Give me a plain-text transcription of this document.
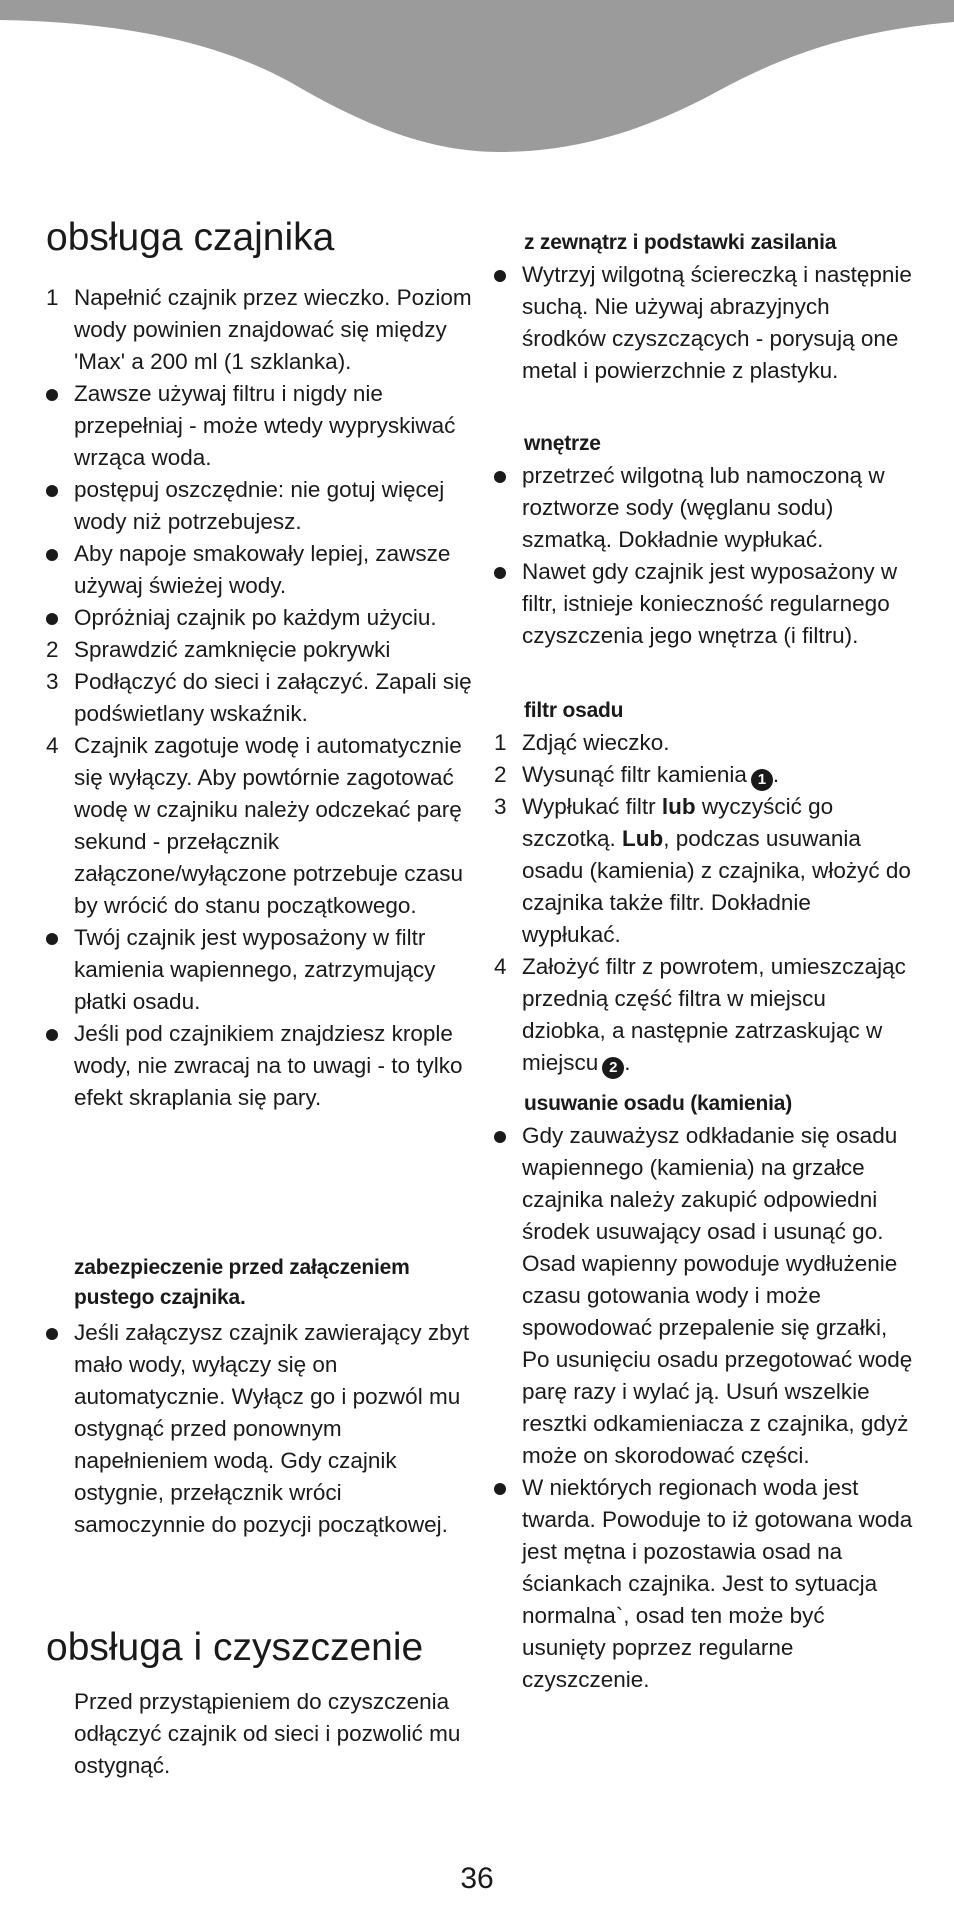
obsługa czajnika
1 Napełnić czajnik przez wieczko. Poziom wody powinien znajdować się między 'Max' a 200 ml (1 szklanka).
Zawsze używaj filtru i nigdy nie przepełniaj - może wtedy wypryskiwać wrząca woda.
postępuj oszczędnie: nie gotuj więcej wody niż potrzebujesz.
Aby napoje smakowały lepiej, zawsze używaj świeżej wody.
Opróżniaj czajnik po każdym użyciu.
2 Sprawdzić zamknięcie pokrywki
3 Podłączyć do sieci i załączyć. Zapali się podświetlany wskaźnik.
4 Czajnik zagotuje wodę i automatycznie się wyłączy. Aby powtórnie zagotować wodę w czajniku należy odczekać parę sekund - przełącznik załączone/wyłączone potrzebuje czasu by wrócić do stanu początkowego.
Twój czajnik jest wyposażony w filtr kamienia wapiennego, zatrzymujący płatki osadu.
Jeśli pod czajnikiem znajdziesz krople wody, nie zwracaj na to uwagi - to tylko efekt skraplania się pary.

zabezpieczenie przed załączeniem pustego czajnika.

Jeśli załączysz czajnik zawierający zbyt mało wody, wyłączy się on automatycznie. Wyłącz go i pozwól mu ostygnąć przed ponownym napełnieniem wodą. Gdy czajnik ostygnie, przełącznik wróci samoczynnie do pozycji początkowej.
obsługa i czyszczenie

Przed przystąpieniem do czyszczenia odłączyć czajnik od sieci i pozwolić mu ostygnąć.

z zewnątrz i podstawki zasilania

Wytrzyj wilgotną ściereczką i następnie suchą. Nie używaj abrazyjnych środków czyszczących - porysują one metal i powierzchnie z plastyku.

wnętrze

przetrzeć wilgotną lub namoczoną w roztworze sody (węglanu sodu) szmatką. Dokładnie wypłukać.
Nawet gdy czajnik jest wyposażony w filtr, istnieje konieczność regularnego czyszczenia jego wnętrza (i filtru).

filtr osadu

1 Zdjąć wieczko.
2 Wysunąć filtr kamienia 1 .
3 Wypłukać filtr lub wyczyścić go szczotką. Lub, podczas usuwania osadu (kamienia) z czajnika, włożyć do czajnika także filtr. Dokładnie wypłukać.
4 Założyć filtr z powrotem, umieszczając przednią część filtra w miejscu dziobka, a następnie zatrzaskując w miejscu 2 .

usuwanie osadu (kamienia)

Gdy zauważysz odkładanie się osadu wapiennego (kamienia) na grzałce czajnika należy zakupić odpowiedni środek usuwający osad i usunąć go. Osad wapienny powoduje wydłużenie czasu gotowania wody i może spowodować przepalenie się grzałki, Po usunięciu osadu przegotować wodę parę razy i wylać ją. Usuń wszelkie resztki odkamieniacza z czajnika, gdyż może on skorodować części.
W niektórych regionach woda jest twarda. Powoduje to iż gotowana woda jest mętna i pozostawia osad na ściankach czajnika. Jest to sytuacja normalna`, osad ten może być usunięty poprzez regularne czyszczenie.
36
